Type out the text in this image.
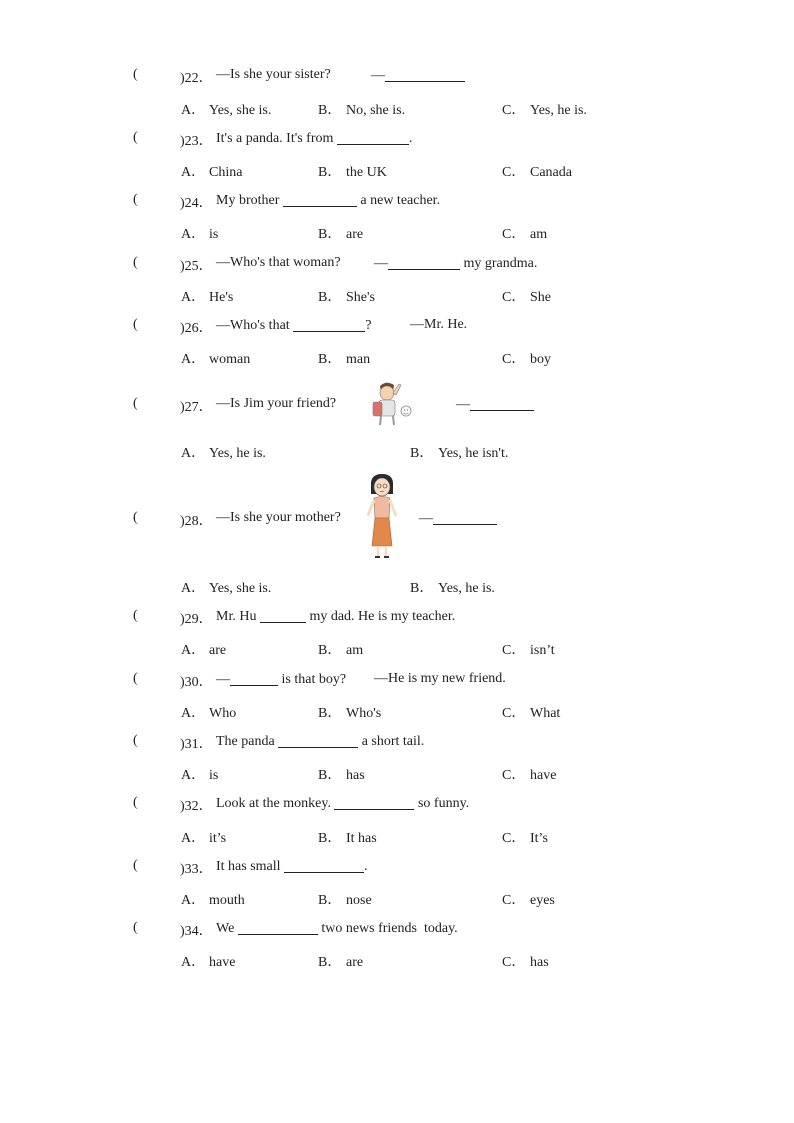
(	)22． —Is she your sister?	—
A． Yes, she is.	B． No, she is.	C． Yes, he is.
(	)23． It's a panda. It's from	.
A． China	B． the UK	C． Canada
(	)24． My brother	a new teacher.
A． is	B． are	C． am
(	)25． —Who's that woman? —	my grandma.
A． He's	B． She's	C． She
(	)26． —Who's that	?	—Mr. He.
A． woman	B． man	C． boy
(	)27． —Is Jim your friend?	—
A． Yes, he is.	B． Yes, he isn't.
(	)28． —Is she your mother?	—
A． Yes, she is.	B． Yes, he is.
(	)29． Mr. Hu	my dad. He is my teacher.
A． are	B． am	C． isn’t
(	)30． —	is that boy? —He is my new friend.
A． Who	B． Who's	C． What
(	)31． The panda	a short tail.
A． is	B． has	C． have
(	)32． Look at the monkey.	so funny.
A． it’s	B． It has	C． It’s
(	)33． It has small	.
A． mouth	B． nose	C． eyes
(	)34． We	two news friends  today.
A． have	B． are	C． has
